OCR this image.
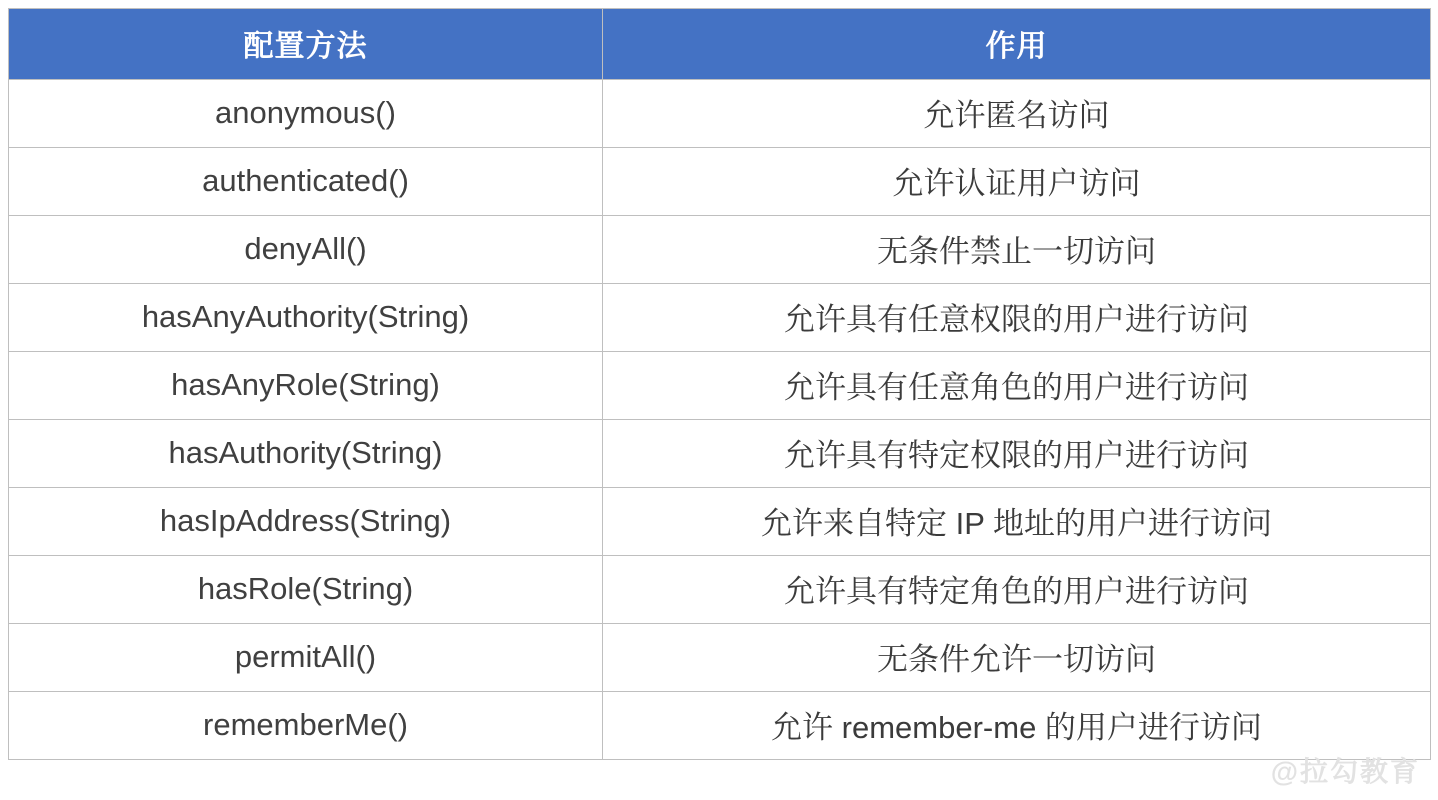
配置方法	作用
anonymous()	允许匿名访问
authenticated()	允许认证用户访问
denyAll()	无条件禁止一切访问
hasAnyAuthority(String)	允许具有任意权限的用户进行访问
hasAnyRole(String)	允许具有任意角色的用户进行访问
hasAuthority(String)	允许具有特定权限的用户进行访问
hasIpAddress(String)	允许来自特定 IP 地址的用户进行访问
hasRole(String)	允许具有特定角色的用户进行访问
permitAll()	无条件允许一切访问
rememberMe()	允许 remember-me 的用户进行访问
@拉勾教育
